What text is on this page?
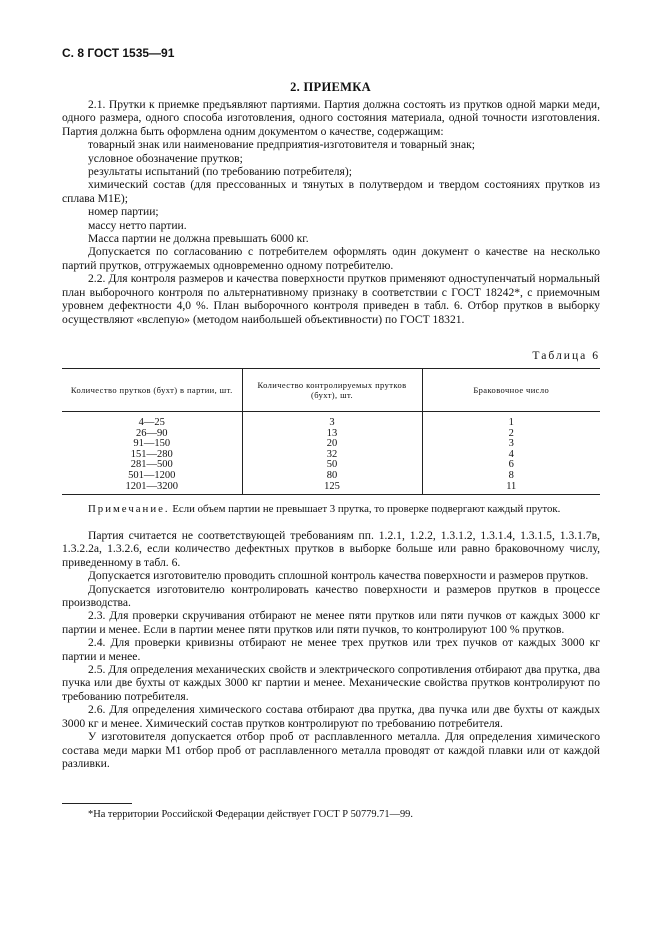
С. 8 ГОСТ 1535—91
2. ПРИЕМКА

2.1. Прутки к приемке предъявляют партиями. Партия должна состоять из прутков одной марки меди, одного размера, одного способа изготовления, одного состояния материала, одной точности изготовления. Партия должна быть оформлена одним документом о качестве, содержащим:

товарный знак или наименование предприятия-изготовителя и товарный знак;

условное обозначение прутков;

результаты испытаний (по требованию потребителя);

химический состав (для прессованных и тянутых в полутвердом и твердом состояниях прутков из сплава М1Е);

номер партии;

массу нетто партии.

Масса партии не должна превышать 6000 кг.

Допускается по согласованию с потребителем оформлять один документ о качестве на несколько партий прутков, отгружаемых одновременно одному потребителю.

2.2. Для контроля размеров и качества поверхности прутков применяют одноступенчатый нормальный план выборочного контроля по альтернативному признаку в соответствии с ГОСТ 18242*, с приемочным уровнем дефектности 4,0 %. План выборочного контроля приведен в табл. 6. Отбор прутков в выборку осуществляют «вслепую» (методом наибольшей объективности) по ГОСТ 18321.

Таблица 6
Количество прутков (бухт) в партии, шт.	Количество контролируемых прутков (бухт), шт.	Браковочное число
4—25	3	1
26—90	13	2
91—150	20	3
151—280	32	4
281—500	50	6
501—1200	80	8
1201—3200	125	11
Примечание. Если объем партии не превышает 3 прутка, то проверке подвергают каждый пруток.

Партия считается не соответствующей требованиям пп. 1.2.1, 1.2.2, 1.3.1.2, 1.3.1.4, 1.3.1.5, 1.3.1.7в, 1.3.2.2а, 1.3.2.6, если количество дефектных прутков в выборке больше или равно браковочному числу, приведенному в табл. 6.

Допускается изготовителю проводить сплошной контроль качества поверхности и размеров прутков.

Допускается изготовителю контролировать качество поверхности и размеров прутков в процессе производства.

2.3. Для проверки скручивания отбирают не менее пяти прутков или пяти пучков от каждых 3000 кг партии и менее. Если в партии менее пяти прутков или пяти пучков, то контролируют 100 % прутков.

2.4. Для проверки кривизны отбирают не менее трех прутков или трех пучков от каждых 3000 кг партии и менее.

2.5. Для определения механических свойств и электрического сопротивления отбирают два прутка, два пучка или две бухты от каждых 3000 кг партии и менее. Механические свойства прутков контролируют по требованию потребителя.

2.6. Для определения химического состава отбирают два прутка, два пучка или две бухты от каждых 3000 кг и менее. Химический состав прутков контролируют по требованию потребителя.

У изготовителя допускается отбор проб от расплавленного металла. Для определения химического состава меди марки М1 отбор проб от расплавленного металла проводят от каждой плавки или от каждой разливки.

*На территории Российской Федерации действует ГОСТ Р 50779.71—99.
